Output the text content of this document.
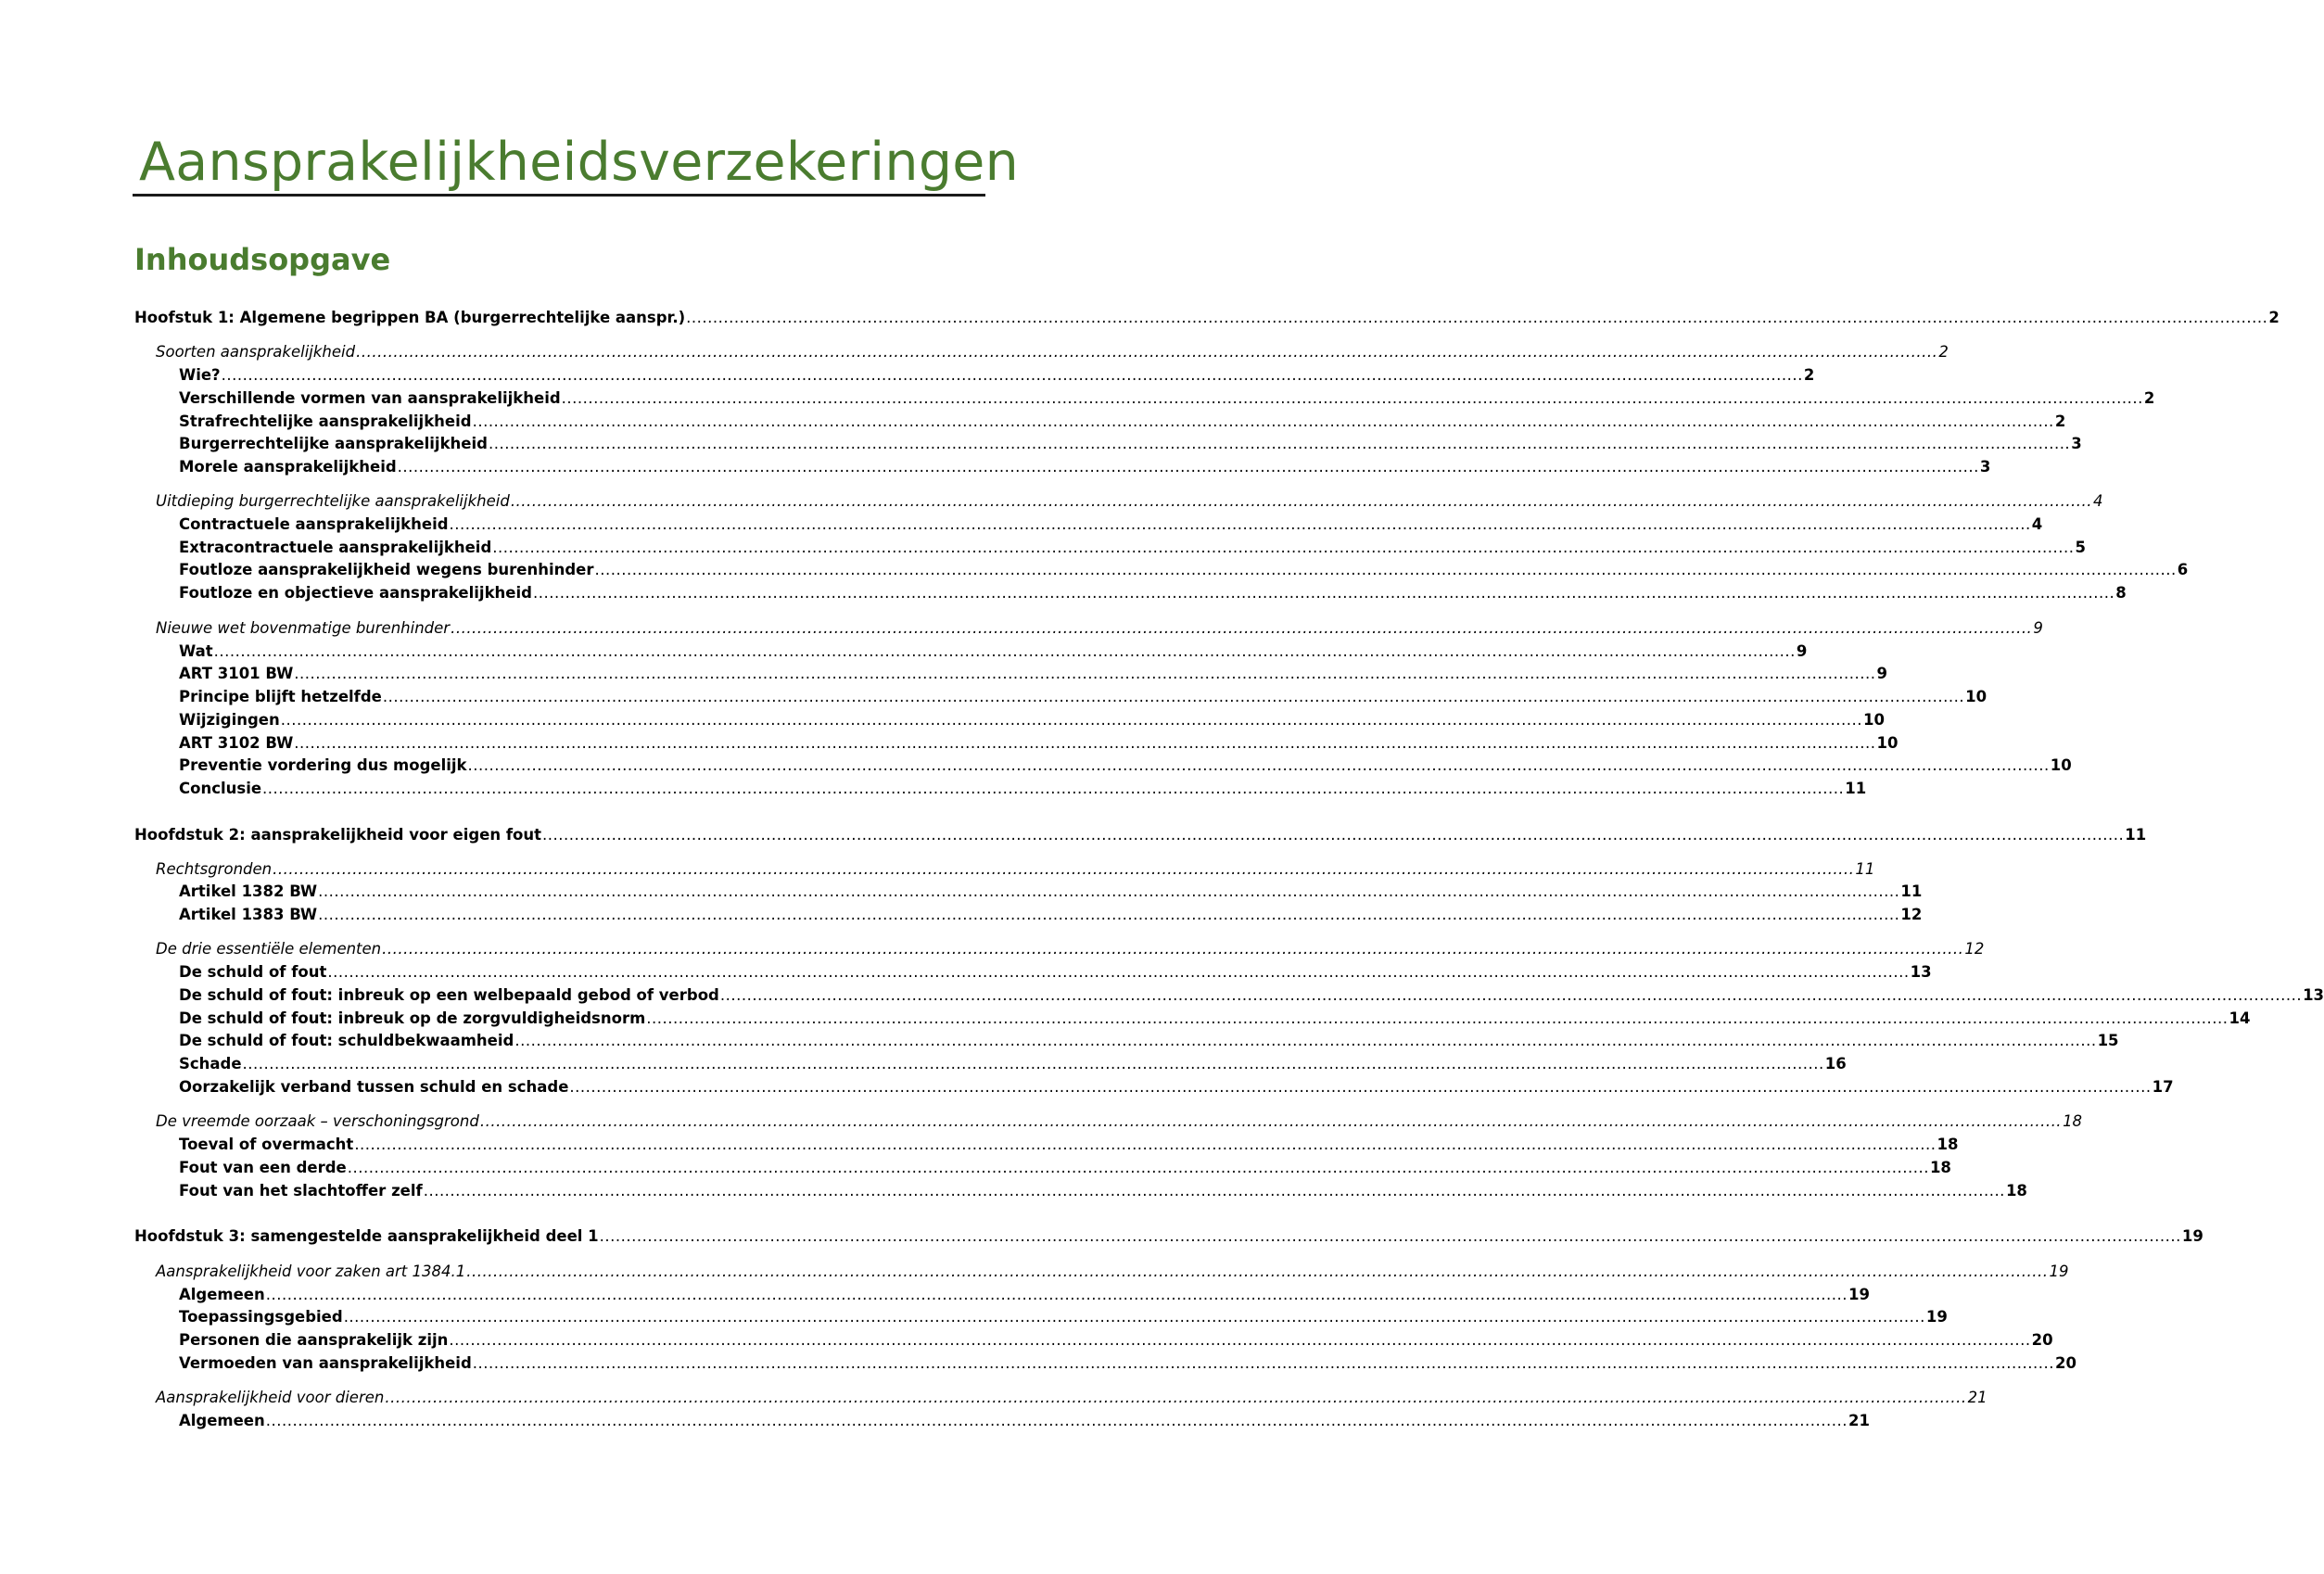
Aansprakelijkheidsverzekeringen
Inhoudsopgave
Hoofstuk 1: Algemene begrippen BA (burgerrechtelijke aanspr.) ......................................................................................................................................................................................................................................................................................................... 2
Soorten aansprakelijkheid ......................................................................................................................................................................................................................................................................................................... 2
Wie? ......................................................................................................................................................................................................................................................................................................... 2
Verschillende vormen van aansprakelijkheid ......................................................................................................................................................................................................................................................................................................... 2
Strafrechtelijke aansprakelijkheid ......................................................................................................................................................................................................................................................................................................... 2
Burgerrechtelijke aansprakelijkheid ......................................................................................................................................................................................................................................................................................................... 3
Morele aansprakelijkheid ......................................................................................................................................................................................................................................................................................................... 3
Uitdieping burgerrechtelijke aansprakelijkheid ......................................................................................................................................................................................................................................................................................................... 4
Contractuele aansprakelijkheid ......................................................................................................................................................................................................................................................................................................... 4
Extracontractuele aansprakelijkheid ......................................................................................................................................................................................................................................................................................................... 5
Foutloze aansprakelijkheid wegens burenhinder ......................................................................................................................................................................................................................................................................................................... 6
Foutloze en objectieve aansprakelijkheid ......................................................................................................................................................................................................................................................................................................... 8
Nieuwe wet bovenmatige burenhinder ......................................................................................................................................................................................................................................................................................................... 9
Wat ......................................................................................................................................................................................................................................................................................................... 9
ART 3101 BW ......................................................................................................................................................................................................................................................................................................... 9
Principe blijft hetzelfde ......................................................................................................................................................................................................................................................................................................... 10
Wijzigingen ......................................................................................................................................................................................................................................................................................................... 10
ART 3102 BW ......................................................................................................................................................................................................................................................................................................... 10
Preventie vordering dus mogelijk ......................................................................................................................................................................................................................................................................................................... 10
Conclusie ......................................................................................................................................................................................................................................................................................................... 11
Hoofdstuk 2: aansprakelijkheid voor eigen fout ......................................................................................................................................................................................................................................................................................................... 11
Rechtsgronden ......................................................................................................................................................................................................................................................................................................... 11
Artikel 1382 BW ......................................................................................................................................................................................................................................................................................................... 11
Artikel 1383 BW ......................................................................................................................................................................................................................................................................................................... 12
De drie essentiële elementen ......................................................................................................................................................................................................................................................................................................... 12
De schuld of fout ......................................................................................................................................................................................................................................................................................................... 13
De schuld of fout: inbreuk op een welbepaald gebod of verbod ......................................................................................................................................................................................................................................................................................................... 13
De schuld of fout: inbreuk op de zorgvuldigheidsnorm ......................................................................................................................................................................................................................................................................................................... 14
De schuld of fout: schuldbekwaamheid ......................................................................................................................................................................................................................................................................................................... 15
Schade ......................................................................................................................................................................................................................................................................................................... 16
Oorzakelijk verband tussen schuld en schade ......................................................................................................................................................................................................................................................................................................... 17
De vreemde oorzaak – verschoningsgrond ......................................................................................................................................................................................................................................................................................................... 18
Toeval of overmacht ......................................................................................................................................................................................................................................................................................................... 18
Fout van een derde ......................................................................................................................................................................................................................................................................................................... 18
Fout van het slachtoffer zelf ......................................................................................................................................................................................................................................................................................................... 18
Hoofdstuk 3: samengestelde aansprakelijkheid deel 1 ......................................................................................................................................................................................................................................................................................................... 19
Aansprakelijkheid voor zaken art 1384.1 ......................................................................................................................................................................................................................................................................................................... 19
Algemeen ......................................................................................................................................................................................................................................................................................................... 19
Toepassingsgebied ......................................................................................................................................................................................................................................................................................................... 19
Personen die aansprakelijk zijn ......................................................................................................................................................................................................................................................................................................... 20
Vermoeden van aansprakelijkheid ......................................................................................................................................................................................................................................................................................................... 20
Aansprakelijkheid voor dieren ......................................................................................................................................................................................................................................................................................................... 21
Algemeen ......................................................................................................................................................................................................................................................................................................... 21
